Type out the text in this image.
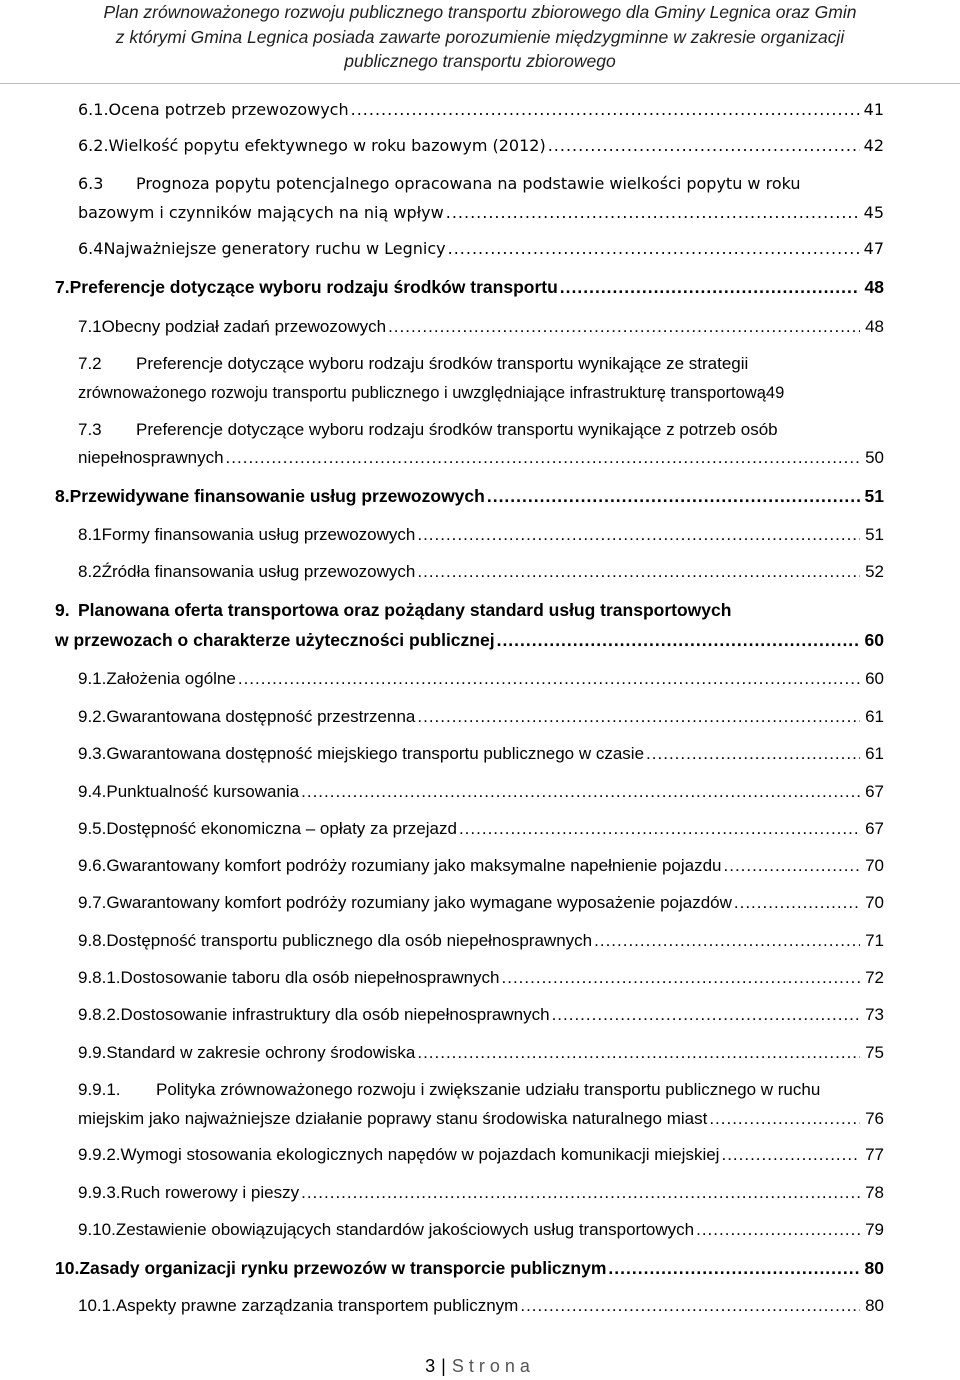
Plan zrównoważonego rozwoju publicznego transportu zbiorowego dla Gminy Legnica oraz Gmin
z którymi Gmina Legnica posiada zawarte porozumienie międzygminne w zakresie organizacji
publicznego transportu zbiorowego
6.1. Ocena potrzeb przewozowych .....	41
6.2. Wielkość popytu efektywnego w roku bazowym (2012) .....	42
6.3	Prognoza popytu potencjalnego opracowana na podstawie wielkości popytu w roku
bazowym i czynników mających na nią wpływ .....	45
6.4 Najważniejsze generatory ruchu w Legnicy .....	47
7. Preferencje dotyczące wyboru rodzaju środków transportu .....	48
7.1 Obecny podział zadań przewozowych .....	48
7.2	Preferencje dotyczące wyboru rodzaju środków transportu wynikające ze strategii
zrównoważonego rozwoju transportu publicznego i uwzględniające infrastrukturę transportową 49
7.3	Preferencje dotyczące wyboru rodzaju środków transportu wynikające z potrzeb osób
niepełnosprawnych .....	50
8. Przewidywane finansowanie usług przewozowych .....	51
8.1 Formy finansowania usług przewozowych .....	51
8.2 Źródła finansowania usług przewozowych .....	52
9. Planowana oferta transportowa oraz pożądany standard usług transportowych
w przewozach o charakterze użyteczności publicznej .....	60
9.1. Założenia ogólne .....	60
9.2. Gwarantowana dostępność przestrzenna .....	61
9.3. Gwarantowana dostępność miejskiego transportu publicznego w czasie .....	61
9.4. Punktualność kursowania .....	67
9.5. Dostępność ekonomiczna – opłaty za przejazd .....	67
9.6. Gwarantowany komfort podróży rozumiany jako maksymalne napełnienie pojazdu .....	70
9.7. Gwarantowany komfort podróży rozumiany jako wymagane wyposażenie pojazdów .....	70
9.8. Dostępność transportu publicznego dla osób niepełnosprawnych .....	71
9.8.1. Dostosowanie taboru dla osób niepełnosprawnych .....	72
9.8.2. Dostosowanie infrastruktury dla osób niepełnosprawnych .....	73
9.9. Standard w zakresie ochrony środowiska .....	75
9.9.1.	Polityka zrównoważonego rozwoju i zwiększanie udziału transportu publicznego w ruchu
miejskim jako najważniejsze działanie poprawy stanu środowiska naturalnego miast .....	76
9.9.2. Wymogi stosowania ekologicznych napędów w pojazdach komunikacji miejskiej .....	77
9.9.3. Ruch rowerowy i pieszy .....	78
9.10. Zestawienie obowiązujących standardów jakościowych usług transportowych .....	79
10. Zasady organizacji rynku przewozów w transporcie publicznym .....	80
10.1. Aspekty prawne zarządzania transportem publicznym .....	80
3 | Strona
